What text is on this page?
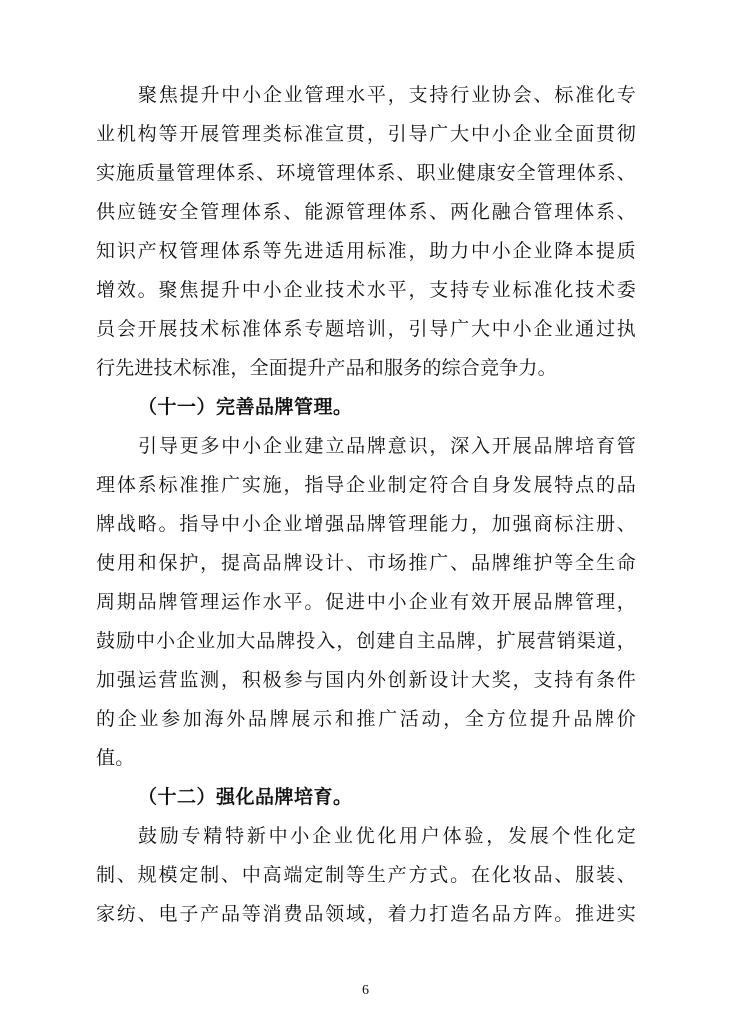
聚焦提升中小企业管理水平，支持行业协会、标准化专
业机构等开展管理类标准宣贯，引导广大中小企业全面贯彻
实施质量管理体系、环境管理体系、职业健康安全管理体系、
供应链安全管理体系、能源管理体系、两化融合管理体系、
知识产权管理体系等先进适用标准，助力中小企业降本提质
增效。聚焦提升中小企业技术水平，支持专业标准化技术委
员会开展技术标准体系专题培训，引导广大中小企业通过执
行先进技术标准，全面提升产品和服务的综合竞争力。
（十一）完善品牌管理。
引导更多中小企业建立品牌意识，深入开展品牌培育管
理体系标准推广实施，指导企业制定符合自身发展特点的品
牌战略。指导中小企业增强品牌管理能力，加强商标注册、
使用和保护，提高品牌设计、市场推广、品牌维护等全生命
周期品牌管理运作水平。促进中小企业有效开展品牌管理，
鼓励中小企业加大品牌投入，创建自主品牌，扩展营销渠道，
加强运营监测，积极参与国内外创新设计大奖，支持有条件
的企业参加海外品牌展示和推广活动，全方位提升品牌价
值。
（十二）强化品牌培育。
鼓励专精特新中小企业优化用户体验，发展个性化定
制、规模定制、中高端定制等生产方式。在化妆品、服装、
家纺、电子产品等消费品领域，着力打造名品方阵。推进实
6
